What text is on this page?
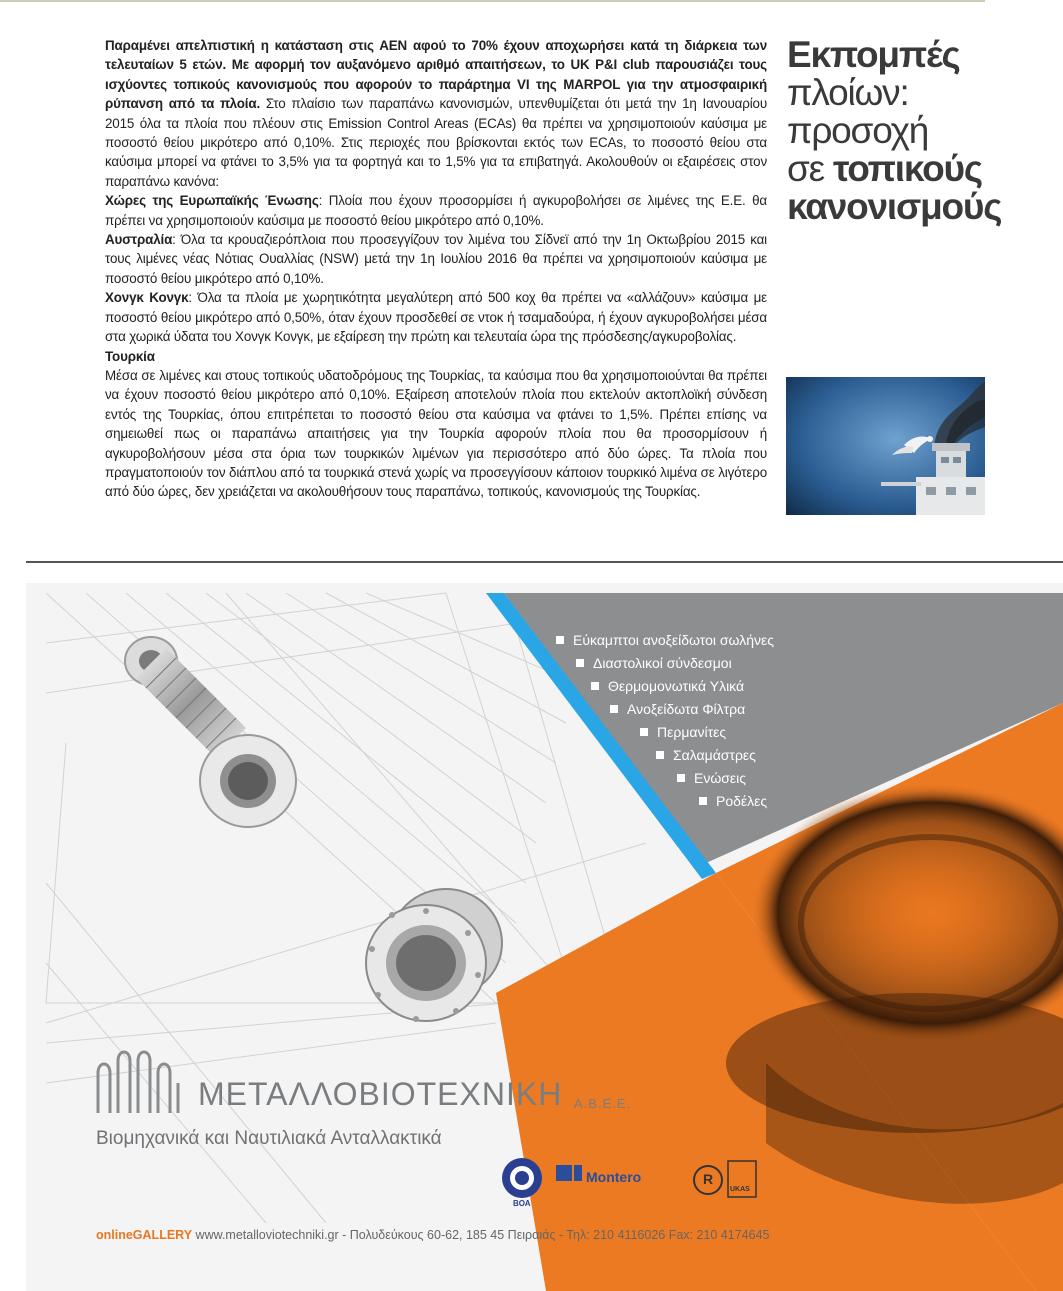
Παραμένει απελπιστική η κατάσταση στις ΑΕΝ αφού το 70% έχουν αποχωρήσει κατά τη διάρκεια των τελευταίων 5 ετών. Με αφορμή τον αυξανόμενο αριθμό απαιτήσεων, το UK P&I club παρουσιάζει τους ισχύοντες τοπικούς κανονισμούς που αφορούν το παράρτημα VI της MARPOL για την ατμοσφαιρική ρύπανση από τα πλοία. Στο πλαίσιο των παραπάνω κανονισμών, υπενθυμίζεται ότι μετά την 1η Ιανουαρίου 2015 όλα τα πλοία που πλέουν στις Emission Control Areas (ECAs) θα πρέπει να χρησιμοποιούν καύσιμα με ποσοστό θείου μικρότερο από 0,10%. Στις περιοχές που βρίσκονται εκτός των ECAs, το ποσοστό θείου στα καύσιμα μπορεί να φτάνει το 3,5% για τα φορτηγά και το 1,5% για τα επιβατηγά. Ακολουθούν οι εξαιρέσεις στον παραπάνω κανόνα:

Χώρες της Ευρωπαϊκής Ένωσης: Πλοία που έχουν προσορμίσει ή αγκυροβολήσει σε λιμένες της Ε.Ε. θα πρέπει να χρησιμοποιούν καύσιμα με ποσοστό θείου μικρότερο από 0,10%.

Αυστραλία: Όλα τα κρουαζιερόπλοια που προσεγγίζουν τον λιμένα του Σίδνεϊ από την 1η Οκτωβρίου 2015 και τους λιμένες νέας Νότιας Ουαλλίας (NSW) μετά την 1η Ιουλίου 2016 θα πρέπει να χρησιμοποιούν καύσιμα με ποσοστό θείου μικρότερο από 0,10%.

Χονγκ Κονγκ: Όλα τα πλοία με χωρητικότητα μεγαλύτερη από 500 κοχ θα πρέπει να «αλλάζουν» καύσιμα με ποσοστό θείου μικρότερο από 0,50%, όταν έχουν προσδεθεί σε ντοκ ή τσαμαδούρα, ή έχουν αγκυροβολήσει μέσα στα χωρικά ύδατα του Χονγκ Κονγκ, με εξαίρεση την πρώτη και τελευταία ώρα της πρόσδεσης/αγκυροβολίας.

Τουρκία

Μέσα σε λιμένες και στους τοπικούς υδατοδρόμους της Τουρκίας, τα καύσιμα που θα χρησιμοποιούνται θα πρέπει να έχουν ποσοστό θείου μικρότερο από 0,10%. Εξαίρεση αποτελούν πλοία που εκτελούν ακτοπλοϊκή σύνδεση εντός της Τουρκίας, όπου επιτρέπεται το ποσοστό θείου στα καύσιμα να φτάνει το 1,5%. Πρέπει επίσης να σημειωθεί πως οι παραπάνω απαιτήσεις για την Τουρκία αφορούν πλοία που θα προσορμίσουν ή αγκυροβολήσουν μέσα στα όρια των τουρκικών λιμένων για περισσότερο από δύο ώρες. Τα πλοία που πραγματοποιούν τον διάπλου από τα τουρκικά στενά χωρίς να προσεγγίσουν κάποιον τουρκικό λιμένα σε λιγότερο από δύο ώρες, δεν χρειάζεται να ακολουθήσουν τους παραπάνω, τοπικούς, κανονισμούς της Τουρκίας.

Εκπομπές
πλοίων:
προσοχή
σε τοπικούς
κανονισμούς
Εύκαμπτοι ανοξείδωτοι σωλήνες
Διαστολικοί σύνδεσμοι
Θερμομονωτικά Υλικά
Ανοξείδωτα Φίλτρα
Περμανίτες
Σαλαμάστρες
Ενώσεις
Ροδέλες
ΜΕΤΑΛΛΟΒΙΟΤΕΧΝΙΚΗ Α.Β.Ε.Ε.
Βιομηχανικά και Ναυτιλιακά Ανταλλακτικά
ΒΟΑ
Montero	R
UKAS
onlineGALLERY www.metalloviotechniki.gr - Πολυδεύκους 60-62, 185 45 Πειραιάς - Τηλ: 210 4116026 Fax: 210 4174645
